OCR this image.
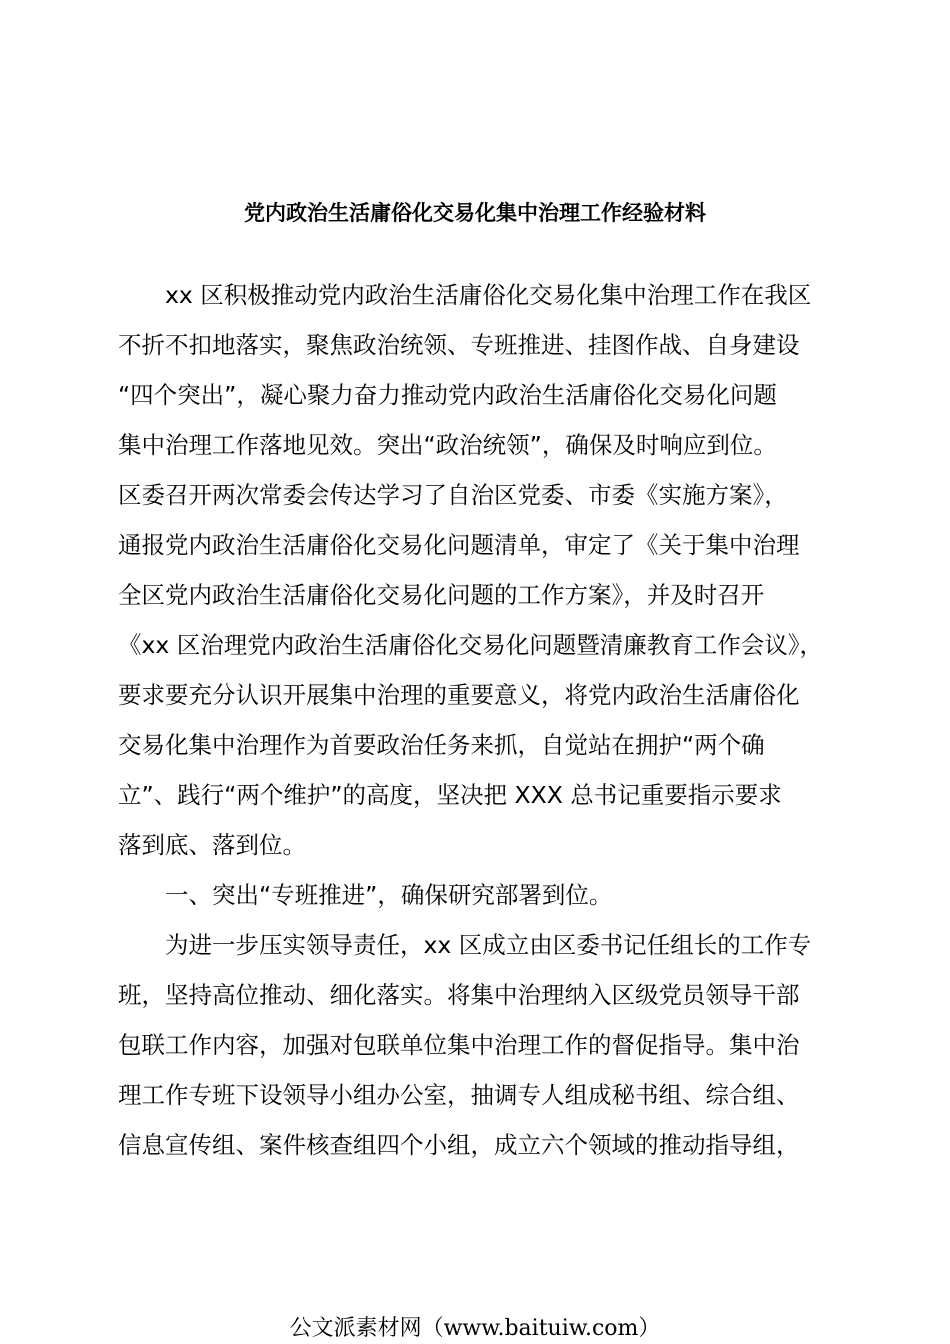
党内政治生活庸俗化交易化集中治理工作经验材料
　　xx 区积极推动党内政治生活庸俗化交易化集中治理工作在我区
不折不扣地落实，聚焦政治统领、专班推进、挂图作战、自身建设
“四个突出”，凝心聚力奋力推动党内政治生活庸俗化交易化问题
集中治理工作落地见效。突出“政治统领”，确保及时响应到位。
区委召开两次常委会传达学习了自治区党委、市委《实施方案》，
通报党内政治生活庸俗化交易化问题清单，审定了《关于集中治理
全区党内政治生活庸俗化交易化问题的工作方案》，并及时召开
《xx 区治理党内政治生活庸俗化交易化问题暨清廉教育工作会议》，
要求要充分认识开展集中治理的重要意义，将党内政治生活庸俗化
交易化集中治理作为首要政治任务来抓，自觉站在拥护“两个确
立”、践行“两个维护”的高度，坚决把 XXX 总书记重要指示要求
落到底、落到位。
　　一、突出“专班推进”，确保研究部署到位。
　　为进一步压实领导责任，xx 区成立由区委书记任组长的工作专
班，坚持高位推动、细化落实。将集中治理纳入区级党员领导干部
包联工作内容，加强对包联单位集中治理工作的督促指导。集中治
理工作专班下设领导小组办公室，抽调专人组成秘书组、综合组、
信息宣传组、案件核查组四个小组，成立六个领域的推动指导组，
公文派素材网（www.baituiw.com）
